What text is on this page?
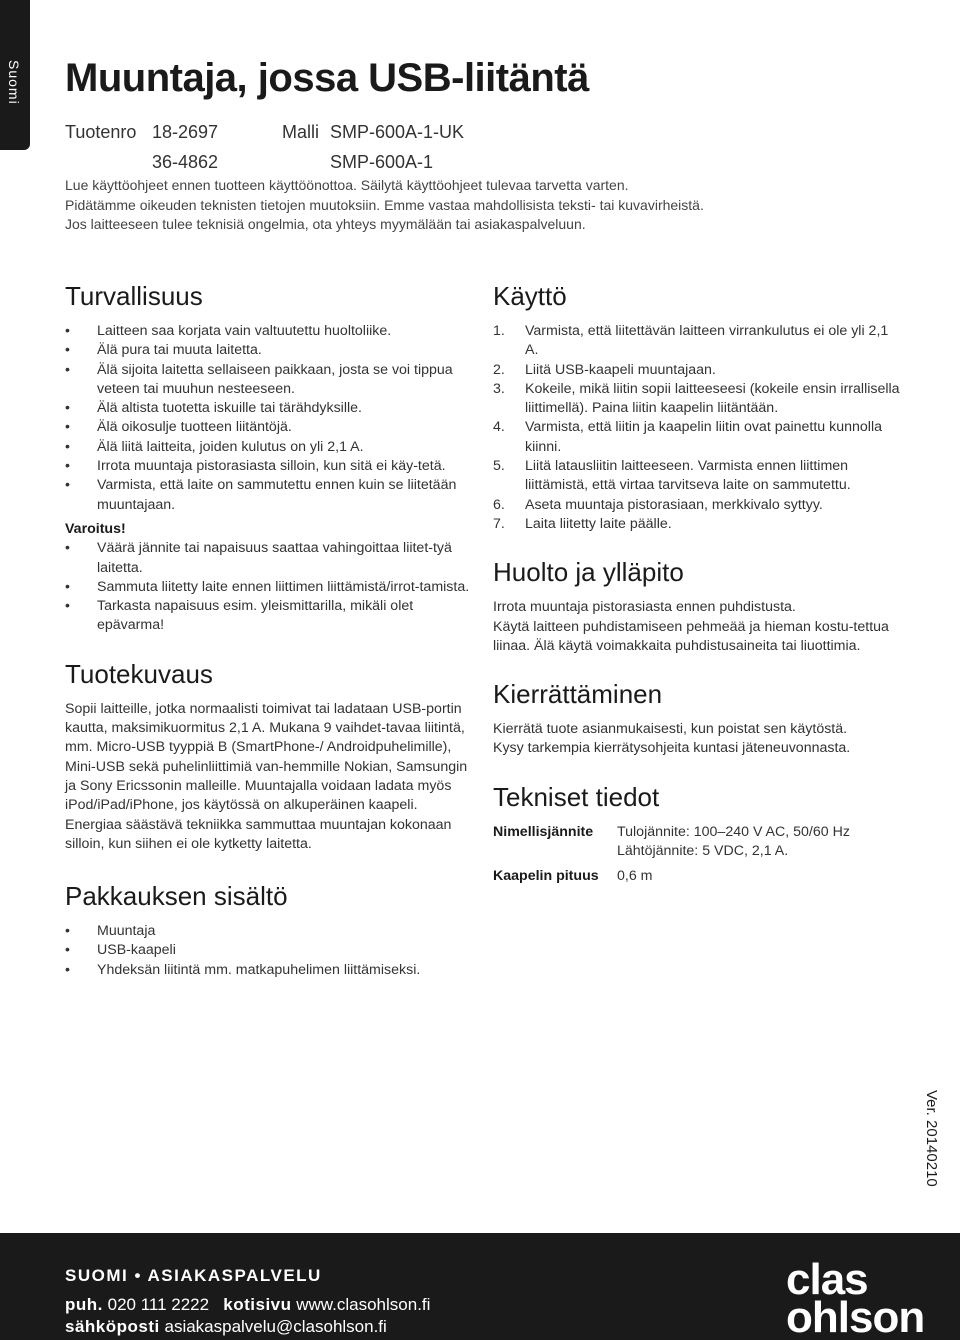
Suomi Muuntaja, jossa USB-liitäntä
Tuotenro 18-2697	Malli SMP-600A-1-UK
36-4862	SMP-600A-1
Lue käyttöohjeet ennen tuotteen käyttöönottoa. Säilytä käyttöohjeet tulevaa tarvetta varten.
Pidätämme oikeuden teknisten tietojen muutoksiin. Emme vastaa mahdollisista teksti- tai kuvavirheistä.
Jos laitteeseen tulee teknisiä ongelmia, ota yhteys myymälään tai asiakaspalveluun.
Turvallisuus
• Laitteen saa korjata vain valtuutettu huoltoliike.
• Älä pura tai muuta laitetta.
• Älä sijoita laitetta sellaiseen paikkaan, josta se voi tippua veteen tai muuhun nesteeseen.
• Älä altista tuotetta iskuille tai tärähdyksille.
• Älä oikosulje tuotteen liitäntöjä.
• Älä liitä laitteita, joiden kulutus on yli 2,1 A.
• Irrota muuntaja pistorasiasta silloin, kun sitä ei käy-tetä.
• Varmista, että laite on sammutettu ennen kuin se liitetään muuntajaan.
Varoitus!
• Väärä jännite tai napaisuus saattaa vahingoittaa liitet-tyä laitetta.
• Sammuta liitetty laite ennen liittimen liittämistä/irrot-tamista.
• Tarkasta napaisuus esim. yleismittarilla, mikäli olet epävarma!
Tuotekuvaus

Sopii laitteille, jotka normaalisti toimivat tai ladataan USB-portin kautta, maksimikuormitus 2,1 A. Mukana 9 vaihdet-tavaa liitintä, mm. Micro-USB tyyppiä B (SmartPhone-/ Androidpuhelimille), Mini-USB sekä puhelinliittimiä van-hemmille Nokian, Samsungin ja Sony Ericssonin malleille. Muuntajalla voidaan ladata myös iPod/iPad/iPhone, jos käytössä on alkuperäinen kaapeli.

Energiaa säästävä tekniikka sammuttaa muuntajan kokonaan silloin, kun siihen ei ole kytketty laitetta.

Pakkauksen sisältö
• Muuntaja
• USB-kaapeli
• Yhdeksän liitintä mm. matkapuhelimen liittämiseksi.
Käyttö
1. Varmista, että liitettävän laitteen virrankulutus ei ole yli 2,1 A.
2. Liitä USB-kaapeli muuntajaan.
3. Kokeile, mikä liitin sopii laitteeseesi (kokeile ensin irrallisella liittimellä). Paina liitin kaapelin liitäntään.
4. Varmista, että liitin ja kaapelin liitin ovat painettu kunnolla kiinni.
5. Liitä latausliitin laitteeseen. Varmista ennen liittimen liittämistä, että virtaa tarvitseva laite on sammutettu.
6. Aseta muuntaja pistorasiaan, merkkivalo syttyy.
7. Laita liitetty laite päälle.
Huolto ja ylläpito

Irrota muuntaja pistorasiasta ennen puhdistusta.

Käytä laitteen puhdistamiseen pehmeää ja hieman kostu-tettua liinaa. Älä käytä voimakkaita puhdistusaineita tai liuottimia.

Kierrättäminen

Kierrätä tuote asianmukaisesti, kun poistat sen käytöstä.

Kysy tarkempia kierrätysohjeita kuntasi jäteneuvonnasta.

Tekniset tiedot
Nimellisjännite	Tulojännite: 100–240 V AC, 50/60 Hz
Lähtöjännite: 5 VDC, 2,1 A.
Kaapelin pituus	0,6 m
Ver. 20140210
SUOMI • ASIAKASPALVELU
puh. 020 111 2222 kotisivu www.clasohlson.fi
sähköposti asiakaspalvelu@clasohlson.fi
clas
ohlson
